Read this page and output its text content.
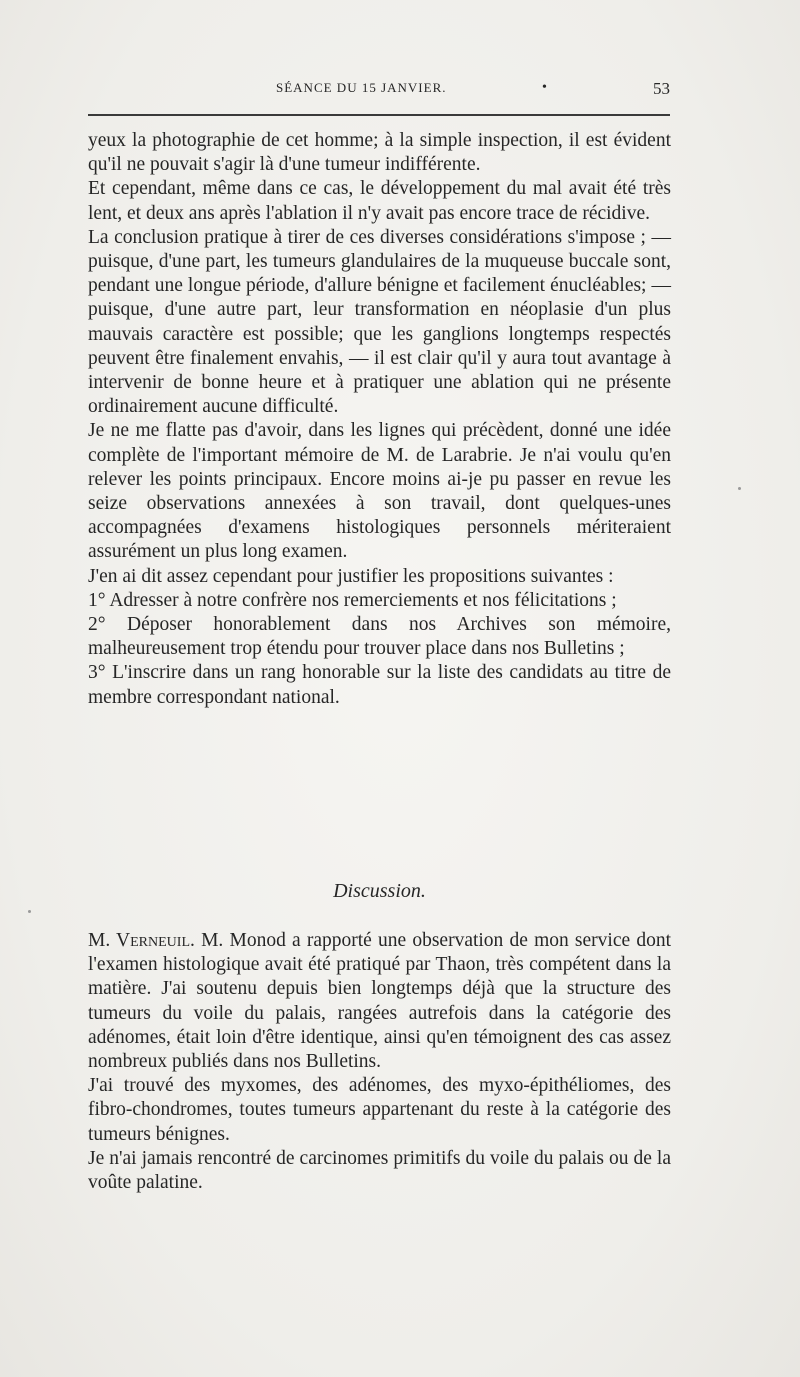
SÉANCE DU 15 JANVIER.	•	53

yeux la photographie de cet homme; à la simple inspection, il est évident qu'il ne pouvait s'agir là d'une tumeur indifférente.

Et cependant, même dans ce cas, le développement du mal avait été très lent, et deux ans après l'ablation il n'y avait pas encore trace de récidive.

La conclusion pratique à tirer de ces diverses considérations s'impose ; — puisque, d'une part, les tumeurs glandulaires de la muqueuse buccale sont, pendant une longue période, d'allure bénigne et facilement énucléables; — puisque, d'une autre part, leur transformation en néoplasie d'un plus mauvais caractère est possible; que les ganglions longtemps respectés peuvent être finalement envahis, — il est clair qu'il y aura tout avantage à intervenir de bonne heure et à pratiquer une ablation qui ne présente ordinairement aucune difficulté.

Je ne me flatte pas d'avoir, dans les lignes qui précèdent, donné une idée complète de l'important mémoire de M. de Larabrie. Je n'ai voulu qu'en relever les points principaux. Encore moins ai-je pu passer en revue les seize observations annexées à son travail, dont quelques-unes accompagnées d'examens histologiques personnels mériteraient assurément un plus long examen.

J'en ai dit assez cependant pour justifier les propositions suivantes :

1° Adresser à notre confrère nos remerciements et nos félicitations ;

2° Déposer honorablement dans nos Archives son mémoire, malheureusement trop étendu pour trouver place dans nos Bulletins ;

3° L'inscrire dans un rang honorable sur la liste des candidats au titre de membre correspondant national.

Discussion.

M. Verneuil. M. Monod a rapporté une observation de mon service dont l'examen histologique avait été pratiqué par Thaon, très compétent dans la matière. J'ai soutenu depuis bien longtemps déjà que la structure des tumeurs du voile du palais, rangées autrefois dans la catégorie des adénomes, était loin d'être identique, ainsi qu'en témoignent des cas assez nombreux publiés dans nos Bulletins.

J'ai trouvé des myxomes, des adénomes, des myxo-épithéliomes, des fibro-chondromes, toutes tumeurs appartenant du reste à la catégorie des tumeurs bénignes.

Je n'ai jamais rencontré de carcinomes primitifs du voile du palais ou de la voûte palatine.
